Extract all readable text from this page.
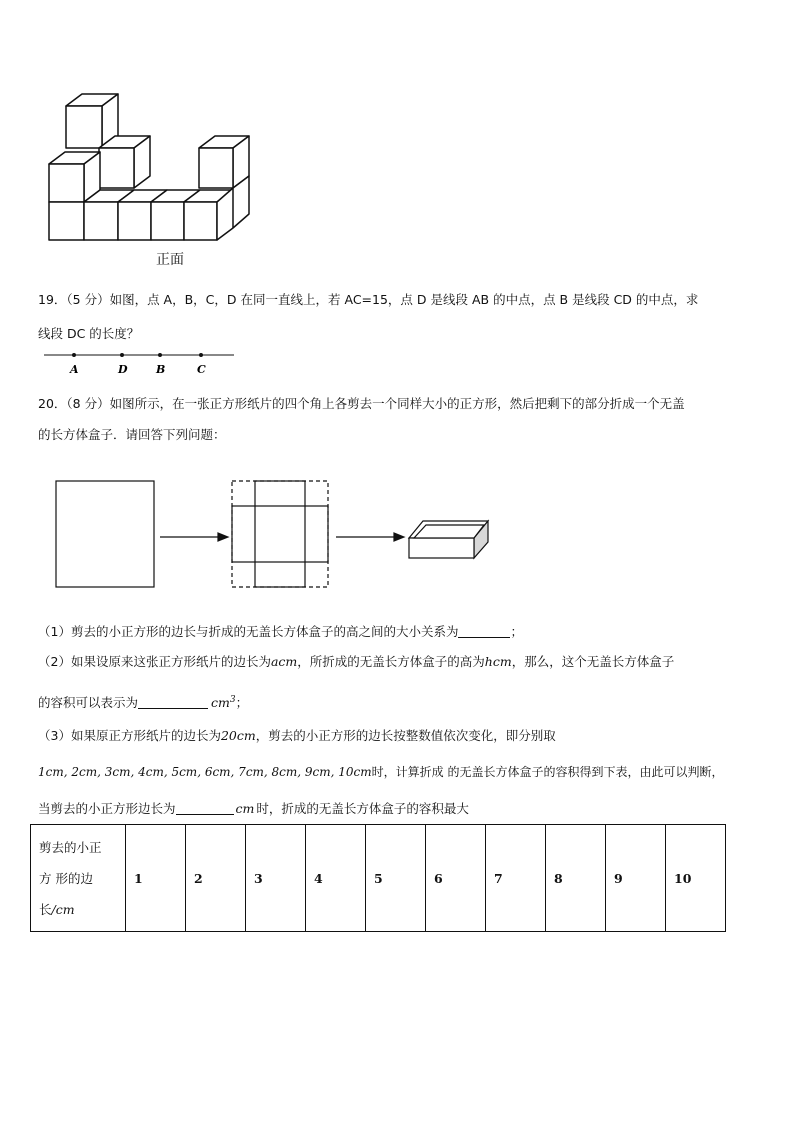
正面
19．（5 分）如图，点 A，B，C，D 在同一直线上，若 AC=15，点 D 是线段 AB 的中点，点 B 是线段 CD 的中点，求
线段 DC 的长度？
A	D	B	C
20．（8 分）如图所示，在一张正方形纸片的四个角上各剪去一个同样大小的正方形，然后把剩下的部分折成一个无盖
的长方体盒子．请回答下列问题：
（1）剪去的小正方形的边长与折成的无盖长方体盒子的高之间的大小关系为	；
（2）如果设原来这张正方形纸片的边长为acm，所折成的无盖长方体盒子的高为hcm，那么，这个无盖长方体盒子
的容积可以表示为	$cm^3$；
（3）如果原正方形纸片的边长为20cm，剪去的小正方形的边长按整数值依次变化，即分别取
1cm, 2cm, 3cm, 4cm, 5cm, 6cm, 7cm, 8cm, 9cm, 10cm时，计算折成 的无盖长方体盒子的容积得到下表，由此可以判断，
当剪去的小正方形边长为	cm 时，折成的无盖长方体盒子的容积最大
剪去的小正
方 形的边
长/cm
	1	2	3	4	5	6	7	8	9	10
